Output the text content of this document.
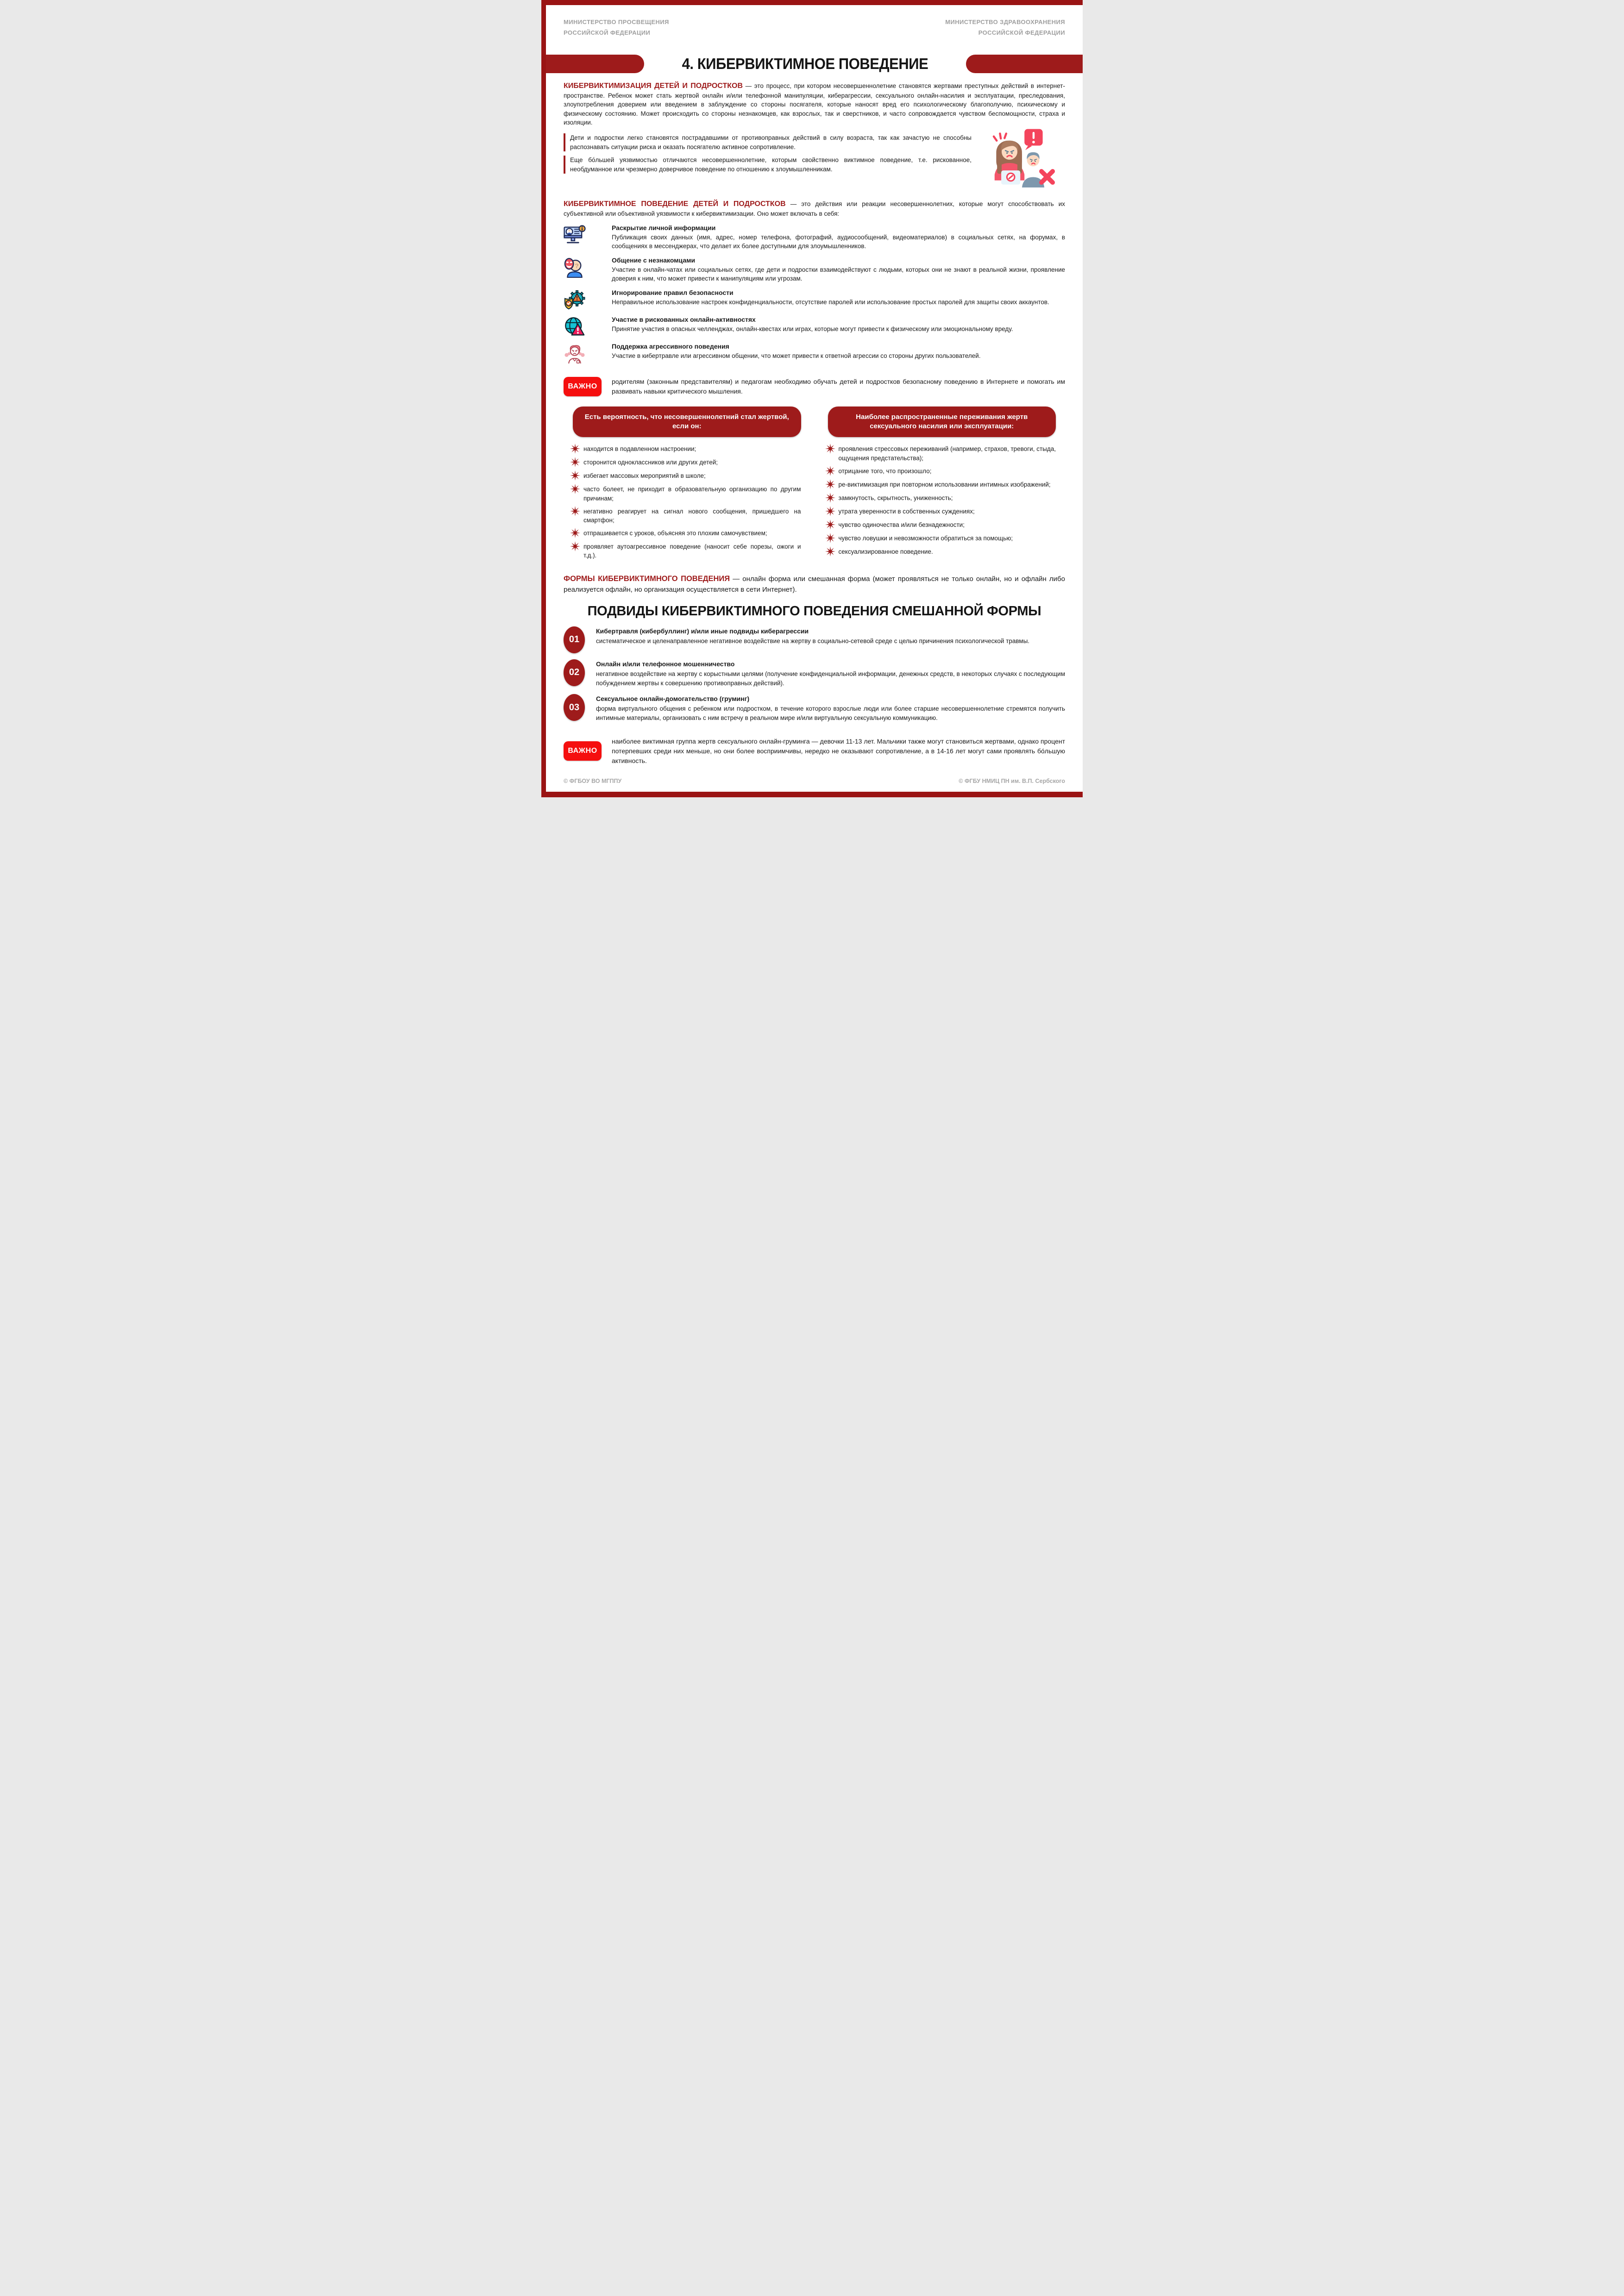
МИНИСТЕРСТВО ПРОСВЕЩЕНИЯ
РОССИЙСКОЙ ФЕДЕРАЦИИ
МИНИСТЕРСТВО ЗДРАВООХРАНЕНИЯ
РОССИЙСКОЙ ФЕДЕРАЦИИ
4. КИБЕРВИКТИМНОЕ ПОВЕДЕНИЕ

КИБЕРВИКТИМИЗАЦИЯ ДЕТЕЙ И ПОДРОСТКОВ — это процесс, при котором несовершеннолетние становятся жертвами преступных действий в интернет-пространстве. Ребенок может стать жертвой онлайн и/или телефонной манипуляции, киберагрессии, сексуального онлайн-насилия и эксплуатации, преследования, злоупотребления доверием или введением в заблуждение со стороны посягателя, которые наносят вред его психологическому благополучию, психическому и физическому состоянию. Может происходить со стороны незнакомцев, как взрослых, так и сверстников, и часто сопровождается чувством беспомощности, страха и изоляции.

Дети и подростки легко становятся пострадавшими от противоправных действий в силу возраста, так как зачастую не способны распознавать ситуации риска и оказать посягателю активное сопротивление.
Еще бо́льшей уязвимостью отличаются несовершеннолетние, которым свойственно виктимное поведение, т.е. рискованное, необдуманное или чрезмерно доверчивое поведение по отношению к злоумышленникам.

КИБЕРВИКТИМНОЕ ПОВЕДЕНИЕ ДЕТЕЙ И ПОДРОСТКОВ — это действия или реакции несовершеннолетних, которые могут способствовать их субъективной или объективной уязвимости к кибервиктимизации. Оно может включать в себя:

Раскрытие личной информации
Публикация своих данных (имя, адрес, номер телефона, фотографий, аудиосообщений, видеоматериалов) в социальных сетях, на форумах, в сообщениях в мессенджерах, что делает их более доступными для злоумышленников.
?
Общение с незнакомцами
Участие в онлайн-чатах или социальных сетях, где дети и подростки взаимодействуют с людьми, которых они не знают в реальной жизни, проявление доверия к ним, что может привести к манипуляциям или угрозам.
Игнорирование правил безопасности
Неправильное использование настроек конфиденциальности, отсутствие паролей или использование простых паролей для защиты своих аккаунтов.
Участие в рискованных онлайн-активностях
Принятие участия в опасных челленджах, онлайн-квестах или играх, которые могут привести к физическому или эмоциональному вреду.
Поддержка агрессивного поведения
Участие в кибертравле или агрессивном общении, что может привести к ответной агрессии со стороны других пользователей.
ВАЖНО
родителям (законным представителям) и педагогам необходимо обучать детей и подростков безопасному поведению в Интернете и помогать им развивать навыки критического мышления.
Есть вероятность, что несовершеннолетний стал жертвой, если он:
находится в подавленном настроении;
сторонится одноклассников или других детей;
избегает массовых мероприятий в школе;
часто болеет, не приходит в образовательную организацию по другим причинам;
негативно реагирует на сигнал нового сообщения, пришедшего на смартфон;
отпрашивается с уроков, объясняя это плохим самочувствием;
проявляет аутоагрессивное поведение (наносит себе порезы, ожоги и т.д.).
Наиболее распространенные переживания жертв сексуального насилия или эксплуатации:
проявления стрессовых переживаний (например, страхов, тревоги, стыда, ощущения предстательства);
отрицание того, что произошло;
ре-виктимизация при повторном использовании интимных изображений;
замкнутость, скрытность, униженность;
утрата уверенности в собственных суждениях;
чувство одиночества и/или безнадежности;
чувство ловушки и невозможности обратиться за помощью;
сексуализированное поведение.

ФОРМЫ КИБЕРВИКТИМНОГО ПОВЕДЕНИЯ — онлайн форма или смешанная форма (может проявляться не только онлайн, но и офлайн либо реализуется офлайн, но организация осуществляется в сети Интернет).

ПОДВИДЫ КИБЕРВИКТИМНОГО ПОВЕДЕНИЯ СМЕШАННОЙ ФОРМЫ
01
Кибертравля (кибербуллинг) и/или иные подвиды киберагрессии
систематическое и целенаправленное негативное воздействие на жертву в социально-сетевой среде с целью причинения психологической травмы.
02
Онлайн и/или телефонное мошенничество
негативное воздействие на жертву с корыстными целями (получение конфиденциальной информации, денежных средств, в некоторых случаях с последующим побуждением жертвы к совершению противоправных действий).
03
Сексуальное онлайн-домогательство (груминг)
форма виртуального общения с ребенком или подростком, в течение которого взрослые люди или более старшие несовершеннолетние стремятся получить интимные материалы, организовать с ним встречу в реальном мире и/или виртуальную сексуальную коммуникацию.
ВАЖНО
наиболее виктимная группа жертв сексуального онлайн-груминга — девочки 11-13 лет. Мальчики также могут становиться жертвами, однако процент потерпевших среди них меньше, но они более восприимчивы, нередко не оказывают сопротивление, а в 14-16 лет могут сами проявлять бо́льшую активность.
© ФГБОУ ВО МГППУ	© ФГБУ НМИЦ ПН им. В.П. Сербского
